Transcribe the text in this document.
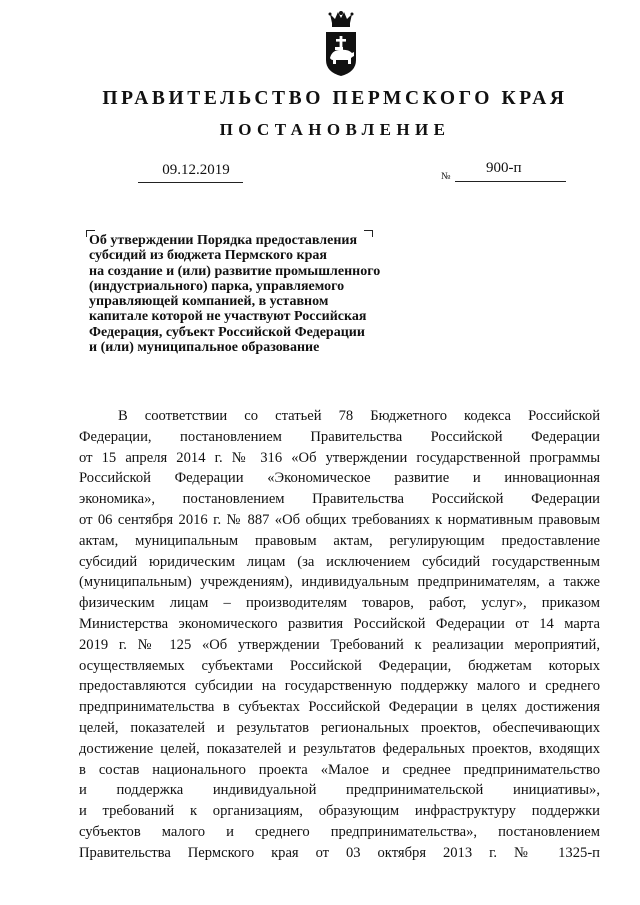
ПРАВИТЕЛЬСТВО ПЕРМСКОГО КРАЯ
ПОСТАНОВЛЕНИЕ
09.12.2019	№
900-п
Об утверждении Порядка предоставления
субсидий из бюджета Пермского края
на создание и (или) развитие промышленного
(индустриального) парка, управляемого
управляющей компанией, в уставном
капитале которой не участвуют Российская
Федерация, субъект Российской Федерации
и (или) муниципальное образование
В соответствии со статьей 78 Бюджетного кодекса Российской
Федерации, постановлением Правительства Российской Федерации
от 15 апреля 2014 г. № 316 «Об утверждении государственной программы
Российской Федерации «Экономическое развитие и инновационная
экономика», постановлением Правительства Российской Федерации
от 06 сентября 2016 г. № 887 «Об общих требованиях к нормативным правовым
актам, муниципальным правовым актам, регулирующим предоставление
субсидий юридическим лицам (за исключением субсидий государственным
(муниципальным) учреждениям), индивидуальным предпринимателям, а также
физическим лицам – производителям товаров, работ, услуг», приказом
Министерства экономического развития Российской Федерации от 14 марта
2019 г. № 125 «Об утверждении Требований к реализации мероприятий,
осуществляемых субъектами Российской Федерации, бюджетам которых
предоставляются субсидии на государственную поддержку малого и среднего
предпринимательства в субъектах Российской Федерации в целях достижения
целей, показателей и результатов региональных проектов, обеспечивающих
достижение целей, показателей и результатов федеральных проектов, входящих
в состав национального проекта «Малое и среднее предпринимательство
и поддержка индивидуальной предпринимательской инициативы»,
и требований к организациям, образующим инфраструктуру поддержки
субъектов малого и среднего предпринимательства», постановлением
Правительства Пермского края от 03 октября 2013 г. № 1325-п
